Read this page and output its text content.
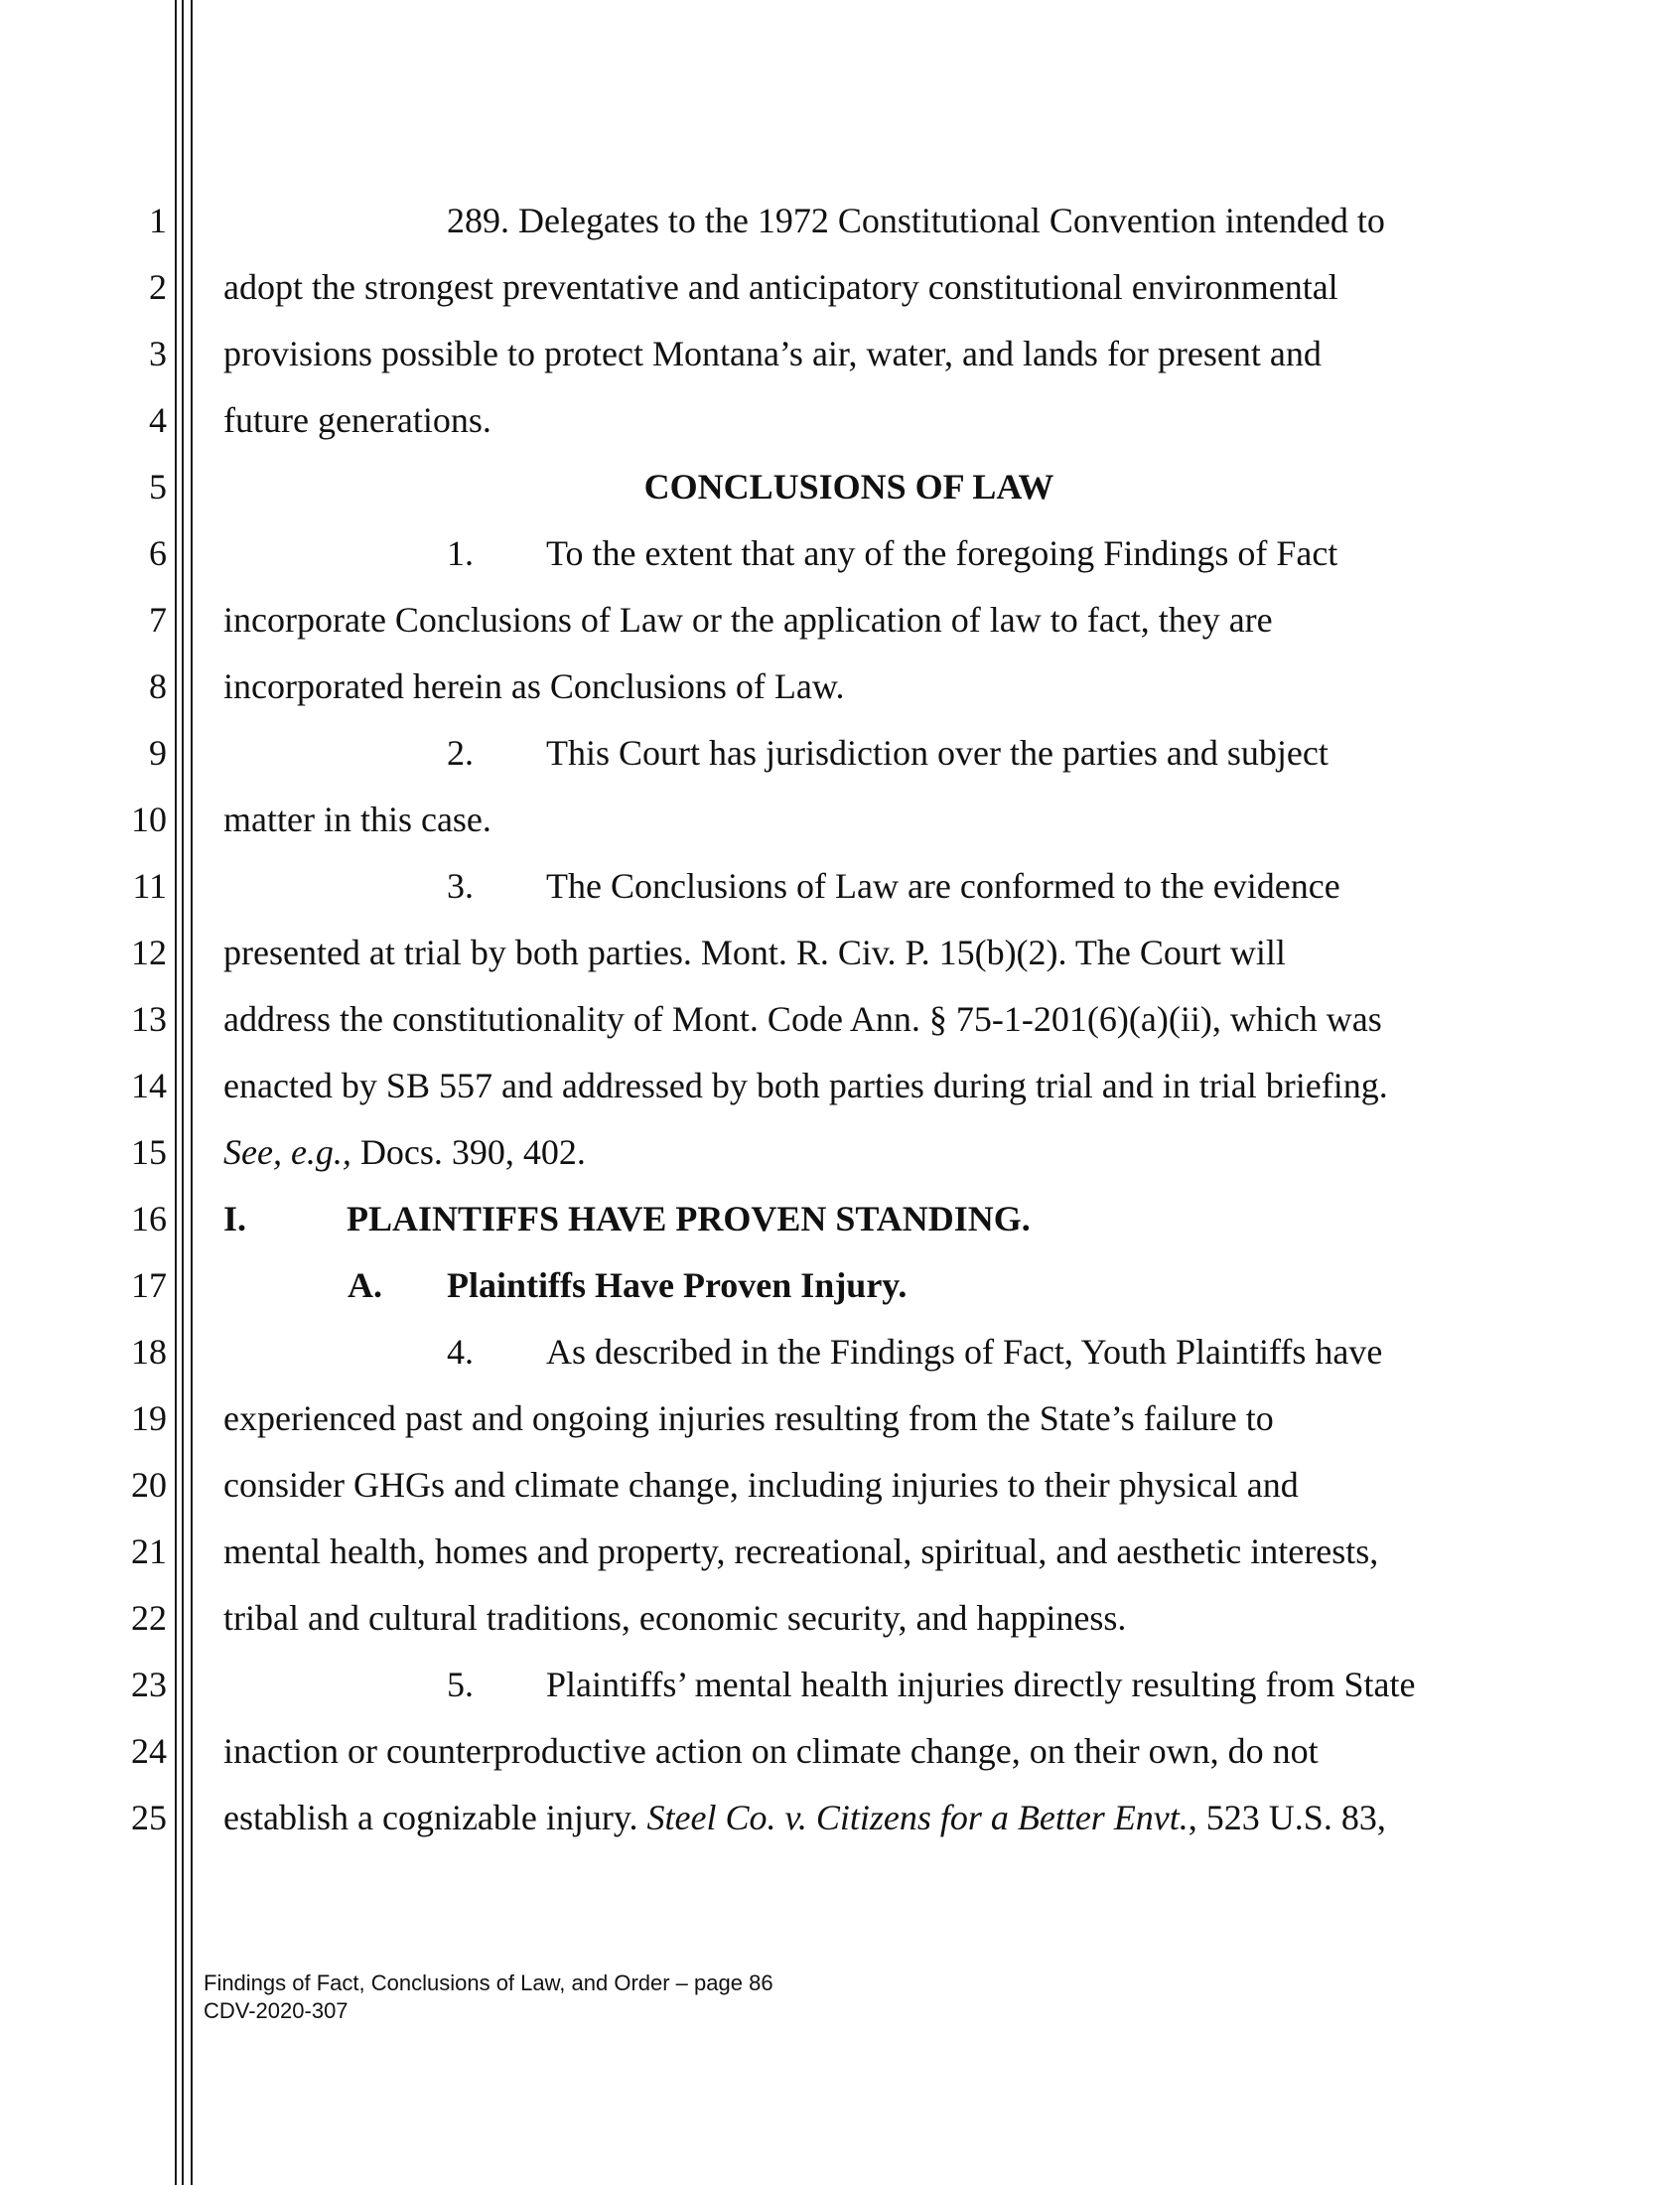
1
2
3
4
5
6
7
8
9
10
11
12
13
14
15
16
17
18
19
20
21
22
23
24
25
289. Delegates to the 1972 Constitutional Convention intended to
adopt the strongest preventative and anticipatory constitutional environmental
provisions possible to protect Montana’s air, water, and lands for present and
future generations.
CONCLUSIONS OF LAW
1. To the extent that any of the foregoing Findings of Fact
incorporate Conclusions of Law or the application of law to fact, they are
incorporated herein as Conclusions of Law.
2. This Court has jurisdiction over the parties and subject
matter in this case.
3. The Conclusions of Law are conformed to the evidence
presented at trial by both parties. Mont. R. Civ. P. 15(b)(2). The Court will
address the constitutionality of Mont. Code Ann. § 75-1-201(6)(a)(ii), which was
enacted by SB 557 and addressed by both parties during trial and in trial briefing.
See, e.g., Docs. 390, 402.
I.	PLAINTIFFS HAVE PROVEN STANDING.
A. Plaintiffs Have Proven Injury.
4. As described in the Findings of Fact, Youth Plaintiffs have
experienced past and ongoing injuries resulting from the State’s failure to
consider GHGs and climate change, including injuries to their physical and
mental health, homes and property, recreational, spiritual, and aesthetic interests,
tribal and cultural traditions, economic security, and happiness.
5. Plaintiffs’ mental health injuries directly resulting from State
inaction or counterproductive action on climate change, on their own, do not
establish a cognizable injury. Steel Co. v. Citizens for a Better Envt., 523 U.S. 83,
Findings of Fact, Conclusions of Law, and Order – page 86
CDV-2020-307
